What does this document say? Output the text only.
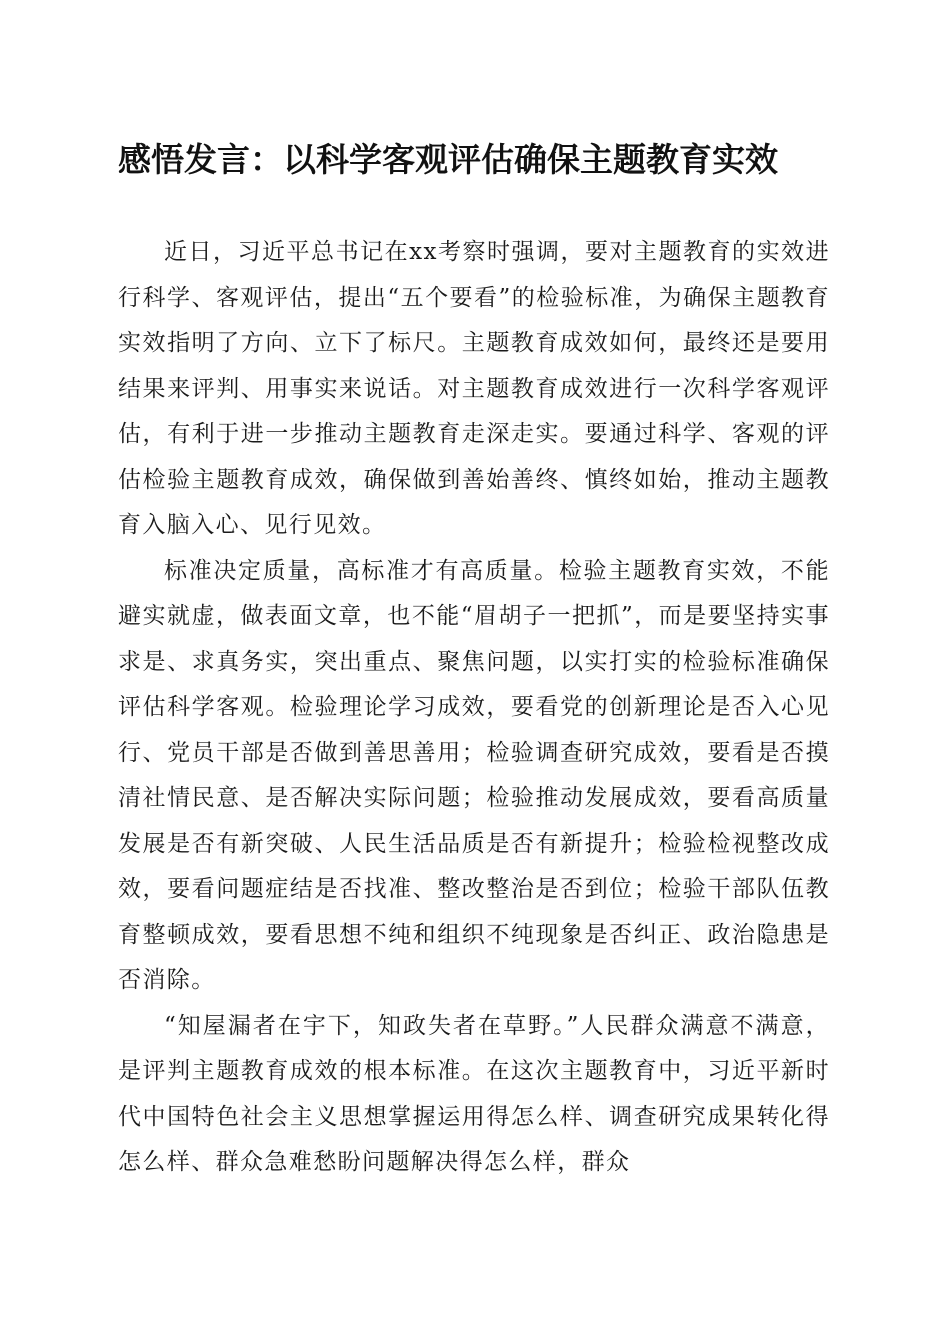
感悟发言：以科学客观评估确保主题教育实效

近日，习近平总书记在xx考察时强调，要对主题教育的实效进行科学、客观评估，提出“五个要看”的检验标准，为确保主题教育实效指明了方向、立下了标尺。主题教育成效如何，最终还是要用结果来评判、用事实来说话。对主题教育成效进行一次科学客观评估，有利于进一步推动主题教育走深走实。要通过科学、客观的评估检验主题教育成效，确保做到善始善终、慎终如始，推动主题教育入脑入心、见行见效。

标准决定质量，高标准才有高质量。检验主题教育实效，不能避实就虚，做表面文章，也不能“眉胡子一把抓”，而是要坚持实事求是、求真务实，突出重点、聚焦问题，以实打实的检验标准确保评估科学客观。检验理论学习成效，要看党的创新理论是否入心见行、党员干部是否做到善思善用；检验调查研究成效，要看是否摸清社情民意、是否解决实际问题；检验推动发展成效，要看高质量发展是否有新突破、人民生活品质是否有新提升；检验检视整改成效，要看问题症结是否找准、整改整治是否到位；检验干部队伍教育整顿成效，要看思想不纯和组织不纯现象是否纠正、政治隐患是否消除。

“知屋漏者在宇下，知政失者在草野。”人民群众满意不满意，是评判主题教育成效的根本标准。在这次主题教育中，习近平新时代中国特色社会主义思想掌握运用得怎么样、调查研究成果转化得怎么样、群众急难愁盼问题解决得怎么样，群众
